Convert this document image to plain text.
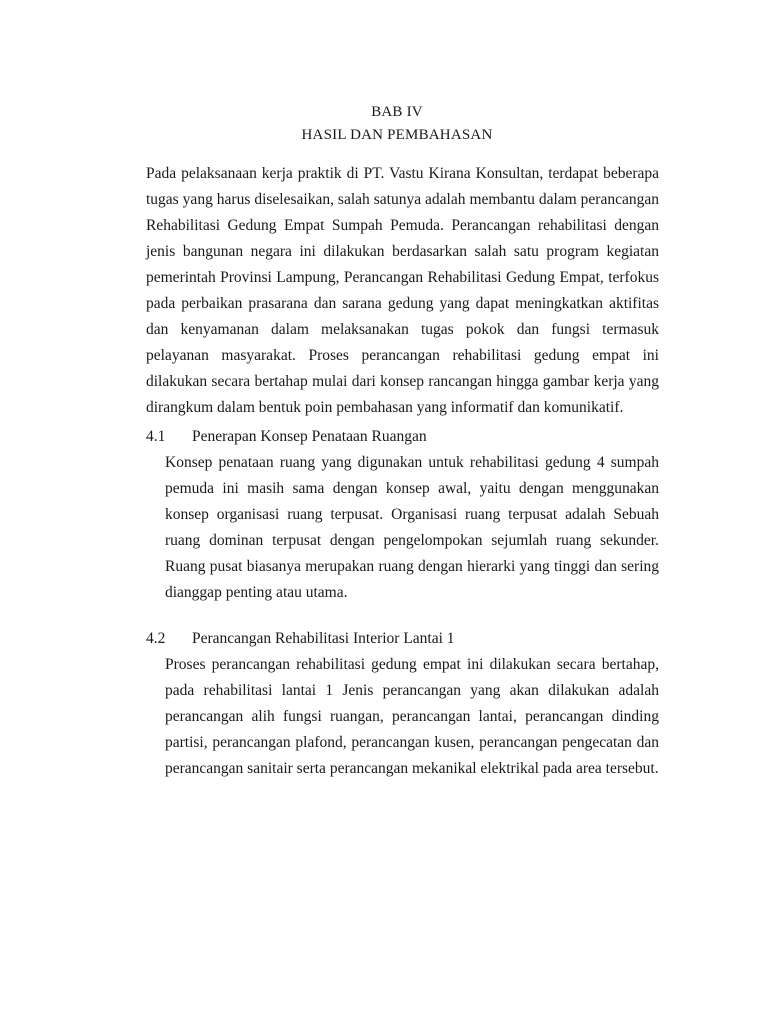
BAB IV
HASIL DAN PEMBAHASAN
Pada pelaksanaan kerja praktik di PT. Vastu Kirana Konsultan, terdapat beberapa tugas yang harus diselesaikan, salah satunya adalah membantu dalam perancangan Rehabilitasi Gedung Empat Sumpah Pemuda. Perancangan rehabilitasi dengan jenis bangunan negara ini dilakukan berdasarkan salah satu program kegiatan pemerintah Provinsi Lampung, Perancangan Rehabilitasi Gedung Empat, terfokus pada perbaikan prasarana dan sarana gedung yang dapat meningkatkan aktifitas dan kenyamanan dalam melaksanakan tugas pokok dan fungsi termasuk pelayanan masyarakat. Proses perancangan rehabilitasi gedung empat ini dilakukan secara bertahap mulai dari konsep rancangan hingga gambar kerja yang dirangkum dalam bentuk poin pembahasan yang informatif dan komunikatif.
4.1 Penerapan Konsep Penataan Ruangan
Konsep penataan ruang yang digunakan untuk rehabilitasi gedung 4 sumpah pemuda ini masih sama dengan konsep awal, yaitu dengan menggunakan konsep organisasi ruang terpusat. Organisasi ruang terpusat adalah Sebuah ruang dominan terpusat dengan pengelompokan sejumlah ruang sekunder. Ruang pusat biasanya merupakan ruang dengan hierarki yang tinggi dan sering dianggap penting atau utama.
4.2 Perancangan Rehabilitasi Interior Lantai 1
Proses perancangan rehabilitasi gedung empat ini dilakukan secara bertahap, pada rehabilitasi lantai 1 Jenis perancangan yang akan dilakukan adalah perancangan alih fungsi ruangan, perancangan lantai, perancangan dinding partisi, perancangan plafond, perancangan kusen, perancangan pengecatan dan perancangan sanitair serta perancangan mekanikal elektrikal pada area tersebut.
